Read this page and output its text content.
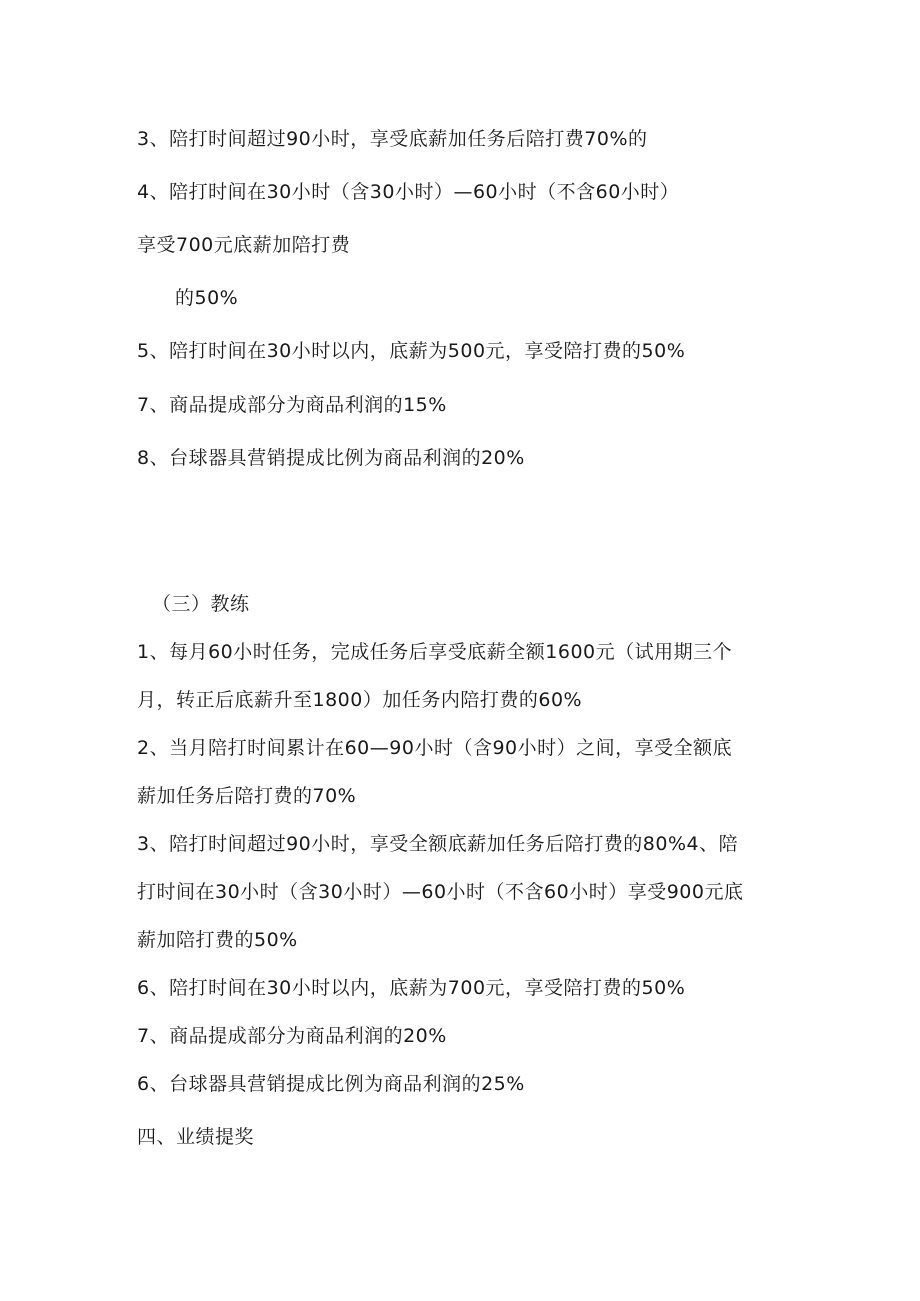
3、陪打时间超过90小时，享受底薪加任务后陪打费70%的
4、陪打时间在30小时（含30小时）—60小时（不含60小时）
享受700元底薪加陪打费
的50%
5、陪打时间在30小时以内，底薪为500元，享受陪打费的50%
7、商品提成部分为商品利润的15%
8、台球器具营销提成比例为商品利润的20%
（三）教练
1、每月60小时任务，完成任务后享受底薪全额1600元（试用期三个
月，转正后底薪升至1800）加任务内陪打费的60%
2、当月陪打时间累计在60—90小时（含90小时）之间，享受全额底
薪加任务后陪打费的70%
3、陪打时间超过90小时，享受全额底薪加任务后陪打费的80%4、陪
打时间在30小时（含30小时）—60小时（不含60小时）享受900元底
薪加陪打费的50%
6、陪打时间在30小时以内，底薪为700元，享受陪打费的50%
7、商品提成部分为商品利润的20%
6、台球器具营销提成比例为商品利润的25%
四、业绩提奖
